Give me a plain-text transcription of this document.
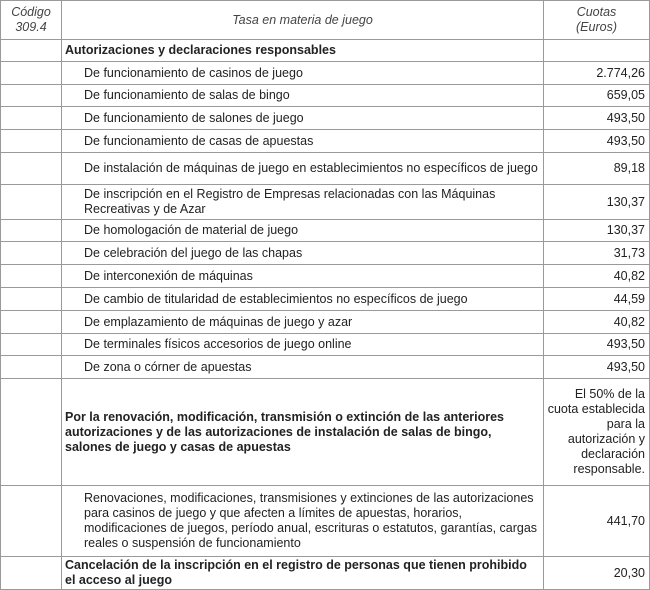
Código 309.4	Tasa en materia de juego	Cuotas (Euros)
	Autorizaciones y declaraciones responsables	
	De funcionamiento de casinos de juego	2.774,26
	De funcionamiento de salas de bingo	659,05
	De funcionamiento de salones de juego	493,50
	De funcionamiento de casas de apuestas	493,50
	De instalación de máquinas de juego en establecimientos no específicos de juego	89,18
	De inscripción en el Registro de Empresas relacionadas con las Máquinas Recreativas y de Azar	130,37
	De homologación de material de juego	130,37
	De celebración del juego de las chapas	31,73
	De interconexión de máquinas	40,82
	De cambio de titularidad de establecimientos no específicos de juego	44,59
	De emplazamiento de máquinas de juego y azar	40,82
	De terminales físicos accesorios de juego online	493,50
	De zona o córner de apuestas	493,50
	Por la renovación, modificación, transmisión o extinción de las anteriores autorizaciones y de las autorizaciones de instalación de salas de bingo, salones de juego y casas de apuestas	El 50% de la cuota establecida para la autorización y declaración responsable.
	Renovaciones, modificaciones, transmisiones y extinciones de las autorizaciones para casinos de juego y que afecten a límites de apuestas, horarios, modificaciones de juegos, período anual, escrituras o estatutos, garantías, cargas reales o suspensión de funcionamiento	441,70
	Cancelación de la inscripción en el registro de personas que tienen prohibido el acceso al juego	20,30
